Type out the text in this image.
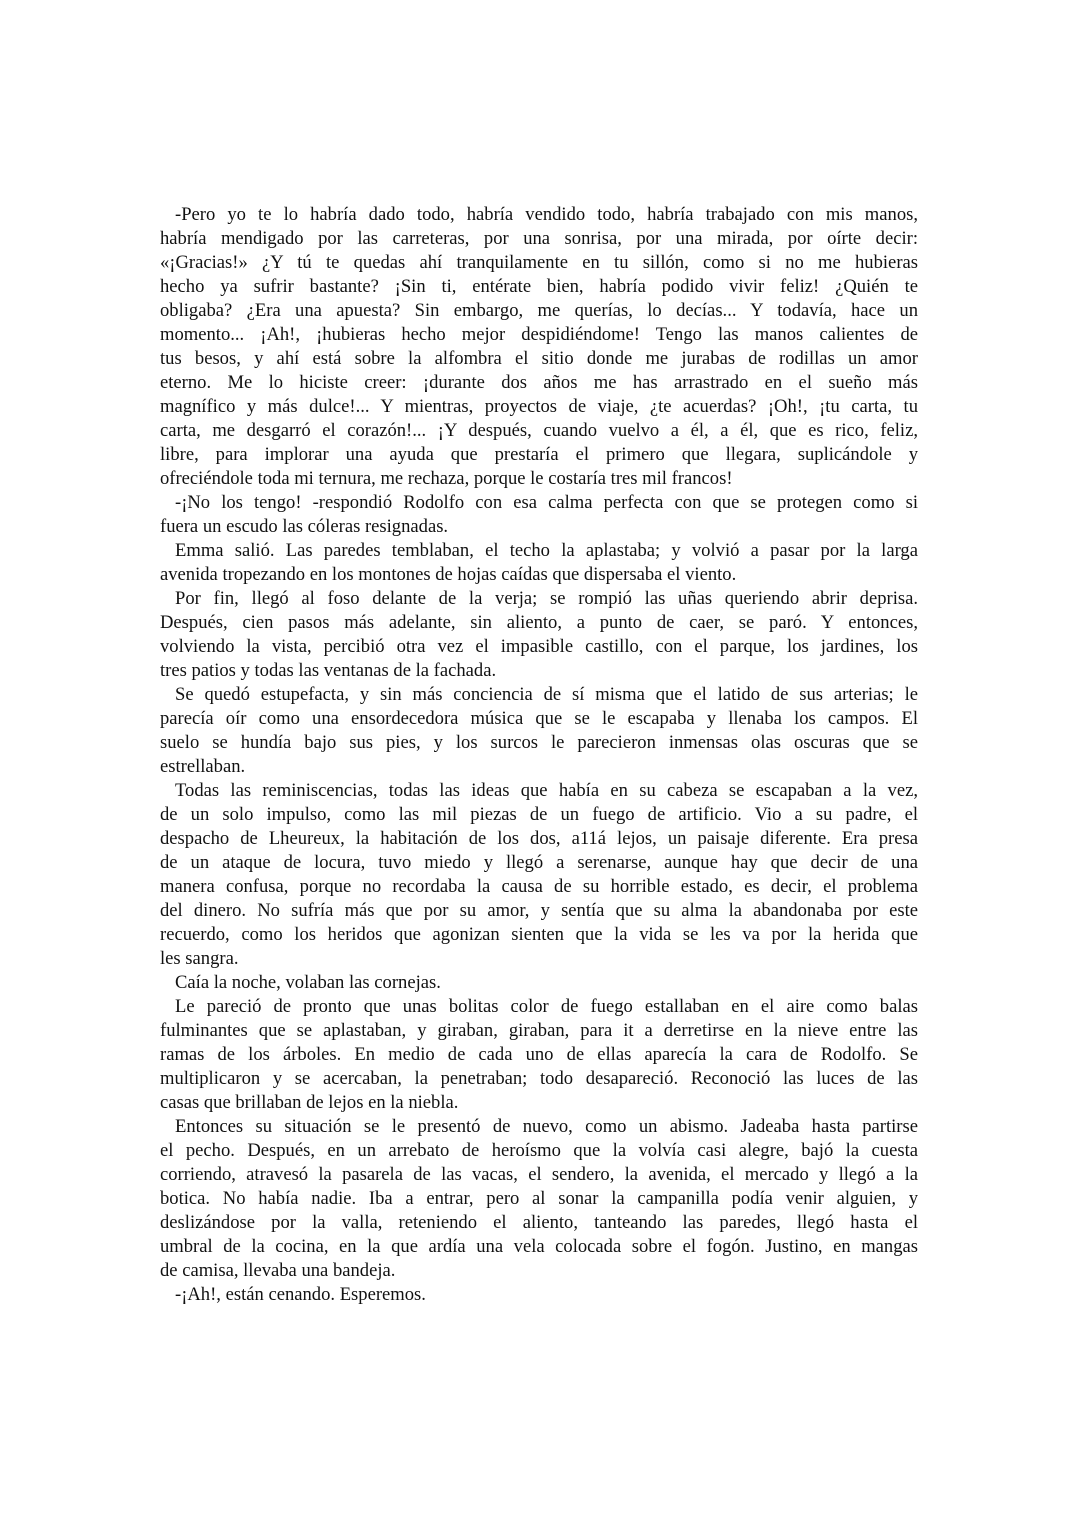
-Pero yo te lo habría dado todo, habría vendido todo, habría trabajado con mis manos,
habría mendigado por las carreteras, por una sonrisa, por una mirada, por oírte decir:
«¡Gracias!» ¿Y tú te quedas ahí tranquilamente en tu sillón, como si no me hubieras
hecho ya sufrir bastante? ¡Sin ti, entérate bien, habría podido vivir feliz! ¿Quién te
obligaba? ¿Era una apuesta? Sin embargo, me querías, lo decías... Y todavía, hace un
momento... ¡Ah!, ¡hubieras hecho mejor despidiéndome! Tengo las manos calientes de
tus besos, y ahí está sobre la alfombra el sitio donde me jurabas de rodillas un amor
eterno. Me lo hiciste creer: ¡durante dos años me has arrastrado en el sueño más
magnífico y más dulce!... Y mientras, proyectos de viaje, ¿te acuerdas? ¡Oh!, ¡tu carta, tu
carta, me desgarró el corazón!... ¡Y después, cuando vuelvo a él, a él, que es rico, feliz,
libre, para implorar una ayuda que prestaría el primero que llegara, suplicándole y
ofreciéndole toda mi ternura, me rechaza, porque le costaría tres mil francos!
-¡No los tengo! -respondió Rodolfo con esa calma perfecta con que se protegen como si
fuera un escudo las cóleras resignadas.
Emma salió. Las paredes temblaban, el techo la aplastaba; y volvió a pasar por la larga
avenida tropezando en los montones de hojas caídas que dispersaba el viento.
Por fin, llegó al foso delante de la verja; se rompió las uñas queriendo abrir deprisa.
Después, cien pasos más adelante, sin aliento, a punto de caer, se paró. Y entonces,
volviendo la vista, percibió otra vez el impasible castillo, con el parque, los jardines, los
tres patios y todas las ventanas de la fachada.
Se quedó estupefacta, y sin más conciencia de sí misma que el latido de sus arterias; le
parecía oír como una ensordecedora música que se le escapaba y llenaba los campos. El
suelo se hundía bajo sus pies, y los surcos le parecieron inmensas olas oscuras que se
estrellaban.
Todas las reminiscencias, todas las ideas que había en su cabeza se escapaban a la vez,
de un solo impulso, como las mil piezas de un fuego de artificio. Vio a su padre, el
despacho de Lheureux, la habitación de los dos, a11á lejos, un paisaje diferente. Era presa
de un ataque de locura, tuvo miedo y llegó a serenarse, aunque hay que decir de una
manera confusa, porque no recordaba la causa de su horrible estado, es decir, el problema
del dinero. No sufría más que por su amor, y sentía que su alma la abandonaba por este
recuerdo, como los heridos que agonizan sienten que la vida se les va por la herida que
les sangra.
Caía la noche, volaban las cornejas.
Le pareció de pronto que unas bolitas color de fuego estallaban en el aire como balas
fulminantes que se aplastaban, y giraban, giraban, para it a derretirse en la nieve entre las
ramas de los árboles. En medio de cada uno de ellas aparecía la cara de Rodolfo. Se
multiplicaron y se acercaban, la penetraban; todo desapareció. Reconoció las luces de las
casas que brillaban de lejos en la niebla.
Entonces su situación se le presentó de nuevo, como un abismo. Jadeaba hasta partirse
el pecho. Después, en un arrebato de heroísmo que la volvía casi alegre, bajó la cuesta
corriendo, atravesó la pasarela de las vacas, el sendero, la avenida, el mercado y llegó a la
botica. No había nadie. Iba a entrar, pero al sonar la campanilla podía venir alguien, y
deslizándose por la valla, reteniendo el aliento, tanteando las paredes, llegó hasta el
umbral de la cocina, en la que ardía una vela colocada sobre el fogón. Justino, en mangas
de camisa, llevaba una bandeja.
-¡Ah!, están cenando. Esperemos.
